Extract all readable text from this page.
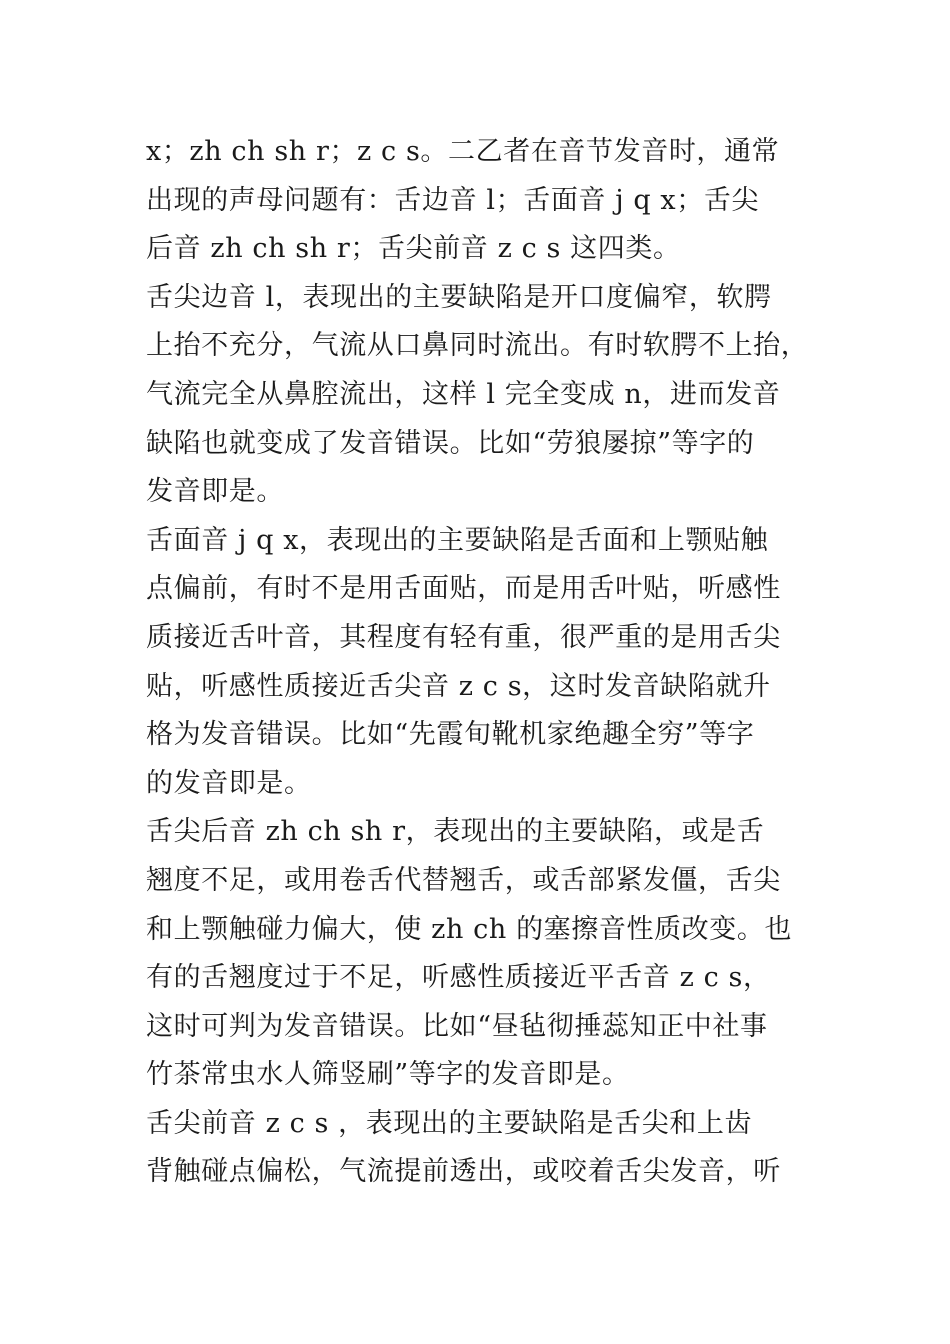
x；zh ch sh r；z c s。二乙者在音节发音时，通常
出现的声母问题有：舌边音 l；舌面音 j q x；舌尖
后音 zh ch sh r；舌尖前音 z c s 这四类。
舌尖边音 l，表现出的主要缺陷是开口度偏窄，软腭
上抬不充分，气流从口鼻同时流出。有时软腭不上抬，
气流完全从鼻腔流出，这样 l 完全变成 n，进而发音
缺陷也就变成了发音错误。比如“劳狼屡掠”等字的
发音即是。
舌面音 j q x，表现出的主要缺陷是舌面和上颚贴触
点偏前，有时不是用舌面贴，而是用舌叶贴，听感性
质接近舌叶音，其程度有轻有重，很严重的是用舌尖
贴，听感性质接近舌尖音 z c s，这时发音缺陷就升
格为发音错误。比如“先霞旬靴机家绝趣全穷”等字
的发音即是。
舌尖后音 zh ch sh r，表现出的主要缺陷，或是舌
翘度不足，或用卷舌代替翘舌，或舌部紧发僵，舌尖
和上颚触碰力偏大，使 zh ch 的塞擦音性质改变。也
有的舌翘度过于不足，听感性质接近平舌音 z c s，
这时可判为发音错误。比如“昼毡彻捶蕊知正中社事
竹茶常虫水人筛竖刷”等字的发音即是。
舌尖前音 z c s ，表现出的主要缺陷是舌尖和上齿
背触碰点偏松，气流提前透出，或咬着舌尖发音，听
